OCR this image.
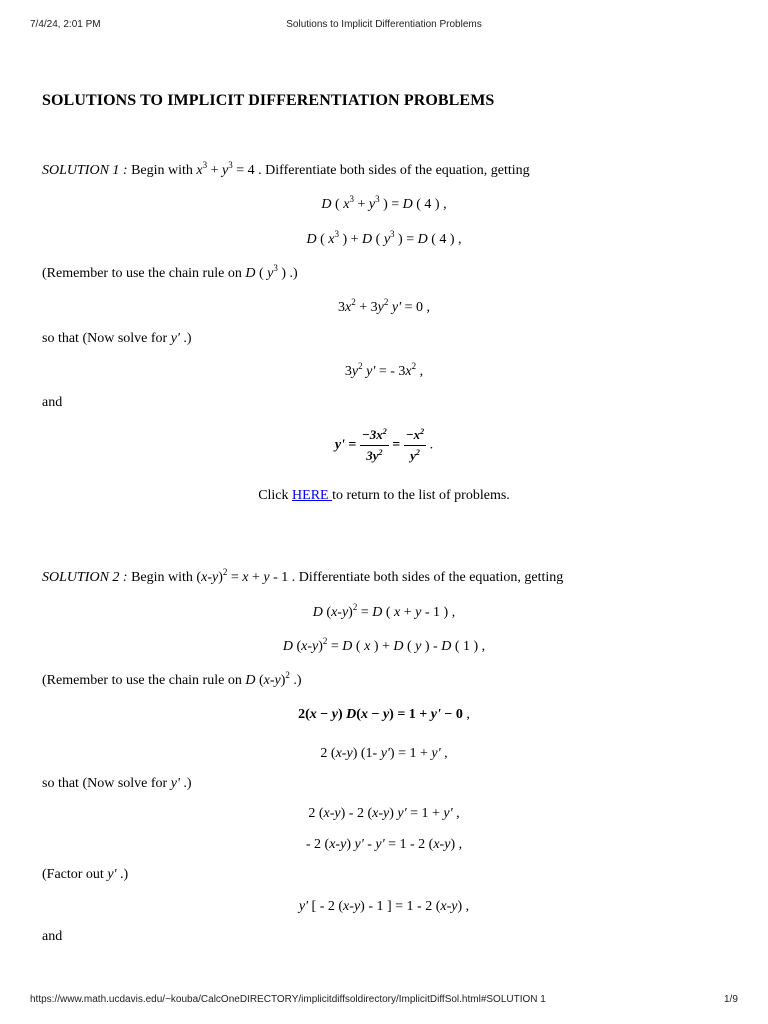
7/4/24, 2:01 PM	Solutions to Implicit Differentiation Problems
SOLUTIONS TO IMPLICIT DIFFERENTIATION PROBLEMS
SOLUTION 1 : Begin with $x^3 + y^3 = 4$ . Differentiate both sides of the equation, getting
D ( $x^3 + y^3$ ) = D ( 4 ) ,
D ( $x^3$ ) + D ( $y^3$ ) = D ( 4 ) ,
(Remember to use the chain rule on D ( $y^3$ ) .)
$3x^2 + 3y^2$ y' = 0 ,
so that (Now solve for y' .)
$3y^2$ y' = - $3x^2$ ,
and
$y' = \frac{-3x^2}{3y^2} = \frac{-x^2}{y^2}$ .
Click HERE to return to the list of problems.
SOLUTION 2 : Begin with $(x-y)^2 = x + y - 1$ . Differentiate both sides of the equation, getting
D $(x-y)^2 = D$ ( x + y - 1 ) ,
D $(x-y)^2 = D$ ( x ) + D ( y ) - D ( 1 ) ,
(Remember to use the chain rule on D $(x-y)^2$ .)
2(x − y) D(x − y) = 1 + y' − 0 ,
2 (x-y) (1- y') = 1 + y' ,
so that (Now solve for y' .)
2 (x-y) - 2 (x-y) y' = 1 + y' ,
- 2 (x-y) y' - y' = 1 - 2 (x-y) ,
(Factor out y' .)
y' [ - 2 (x-y) - 1 ] = 1 - 2 (x-y) ,
and
https://www.math.ucdavis.edu/~kouba/CalcOneDIRECTORY/implicitdiffsoldirectory/ImplicitDiffSol.html#SOLUTION 1	1/9
